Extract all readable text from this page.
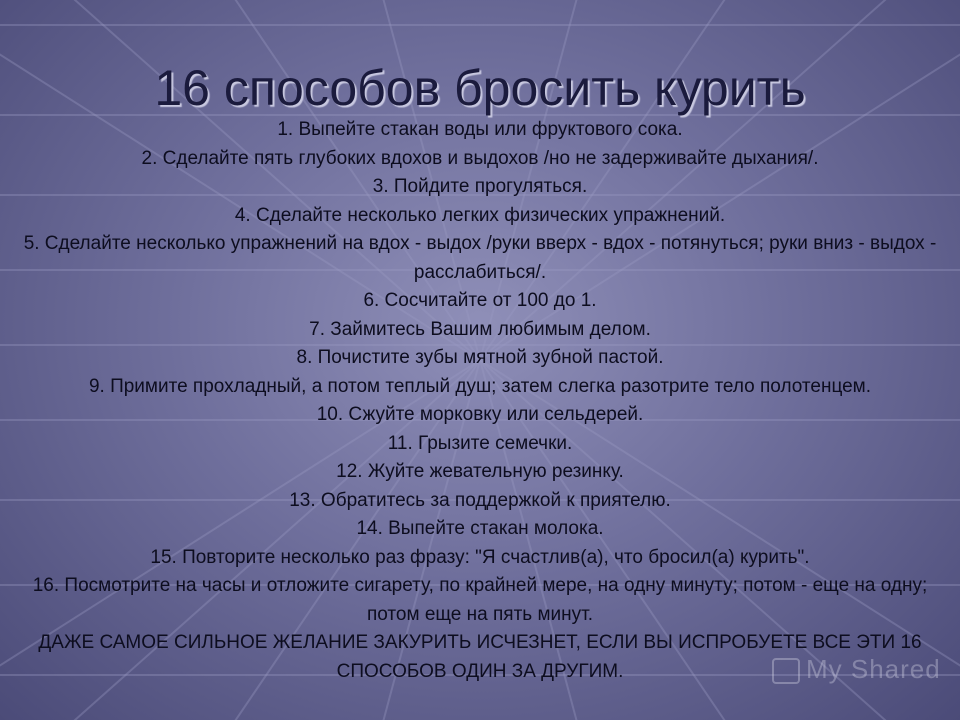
16 способов бросить курить
1. Выпейте стакан воды или фруктового сока.
2. Сделайте пять глубоких вдохов и выдохов /но не задерживайте дыхания/.
3. Пойдите прогуляться.
4. Сделайте несколько легких физических упражнений.
5. Сделайте несколько упражнений на вдох - выдох /руки вверх - вдох - потянуться; руки вниз - выдох - расслабиться/.
6. Сосчитайте от 100 до 1.
7. Займитесь Вашим любимым делом.
8. Почистите зубы мятной зубной пастой.
9. Примите прохладный, а потом теплый душ; затем слегка разотрите тело полотенцем.
10. Сжуйте морковку или сельдерей.
11. Грызите семечки.
12. Жуйте жевательную резинку.
13. Обратитесь за поддержкой к приятелю.
14. Выпейте стакан молока.
15. Повторите несколько раз фразу: "Я счастлив(а), что бросил(а) курить".
16. Посмотрите на часы и отложите сигарету, по крайней мере, на одну минуту; потом - еще на одну; потом еще на пять минут.
ДАЖЕ САМОЕ СИЛЬНОЕ ЖЕЛАНИЕ ЗАКУРИТЬ ИСЧЕЗНЕТ, ЕСЛИ ВЫ ИСПРОБУЕТЕ ВСЕ ЭТИ 16 СПОСОБОВ ОДИН ЗА ДРУГИМ.	My Shared
